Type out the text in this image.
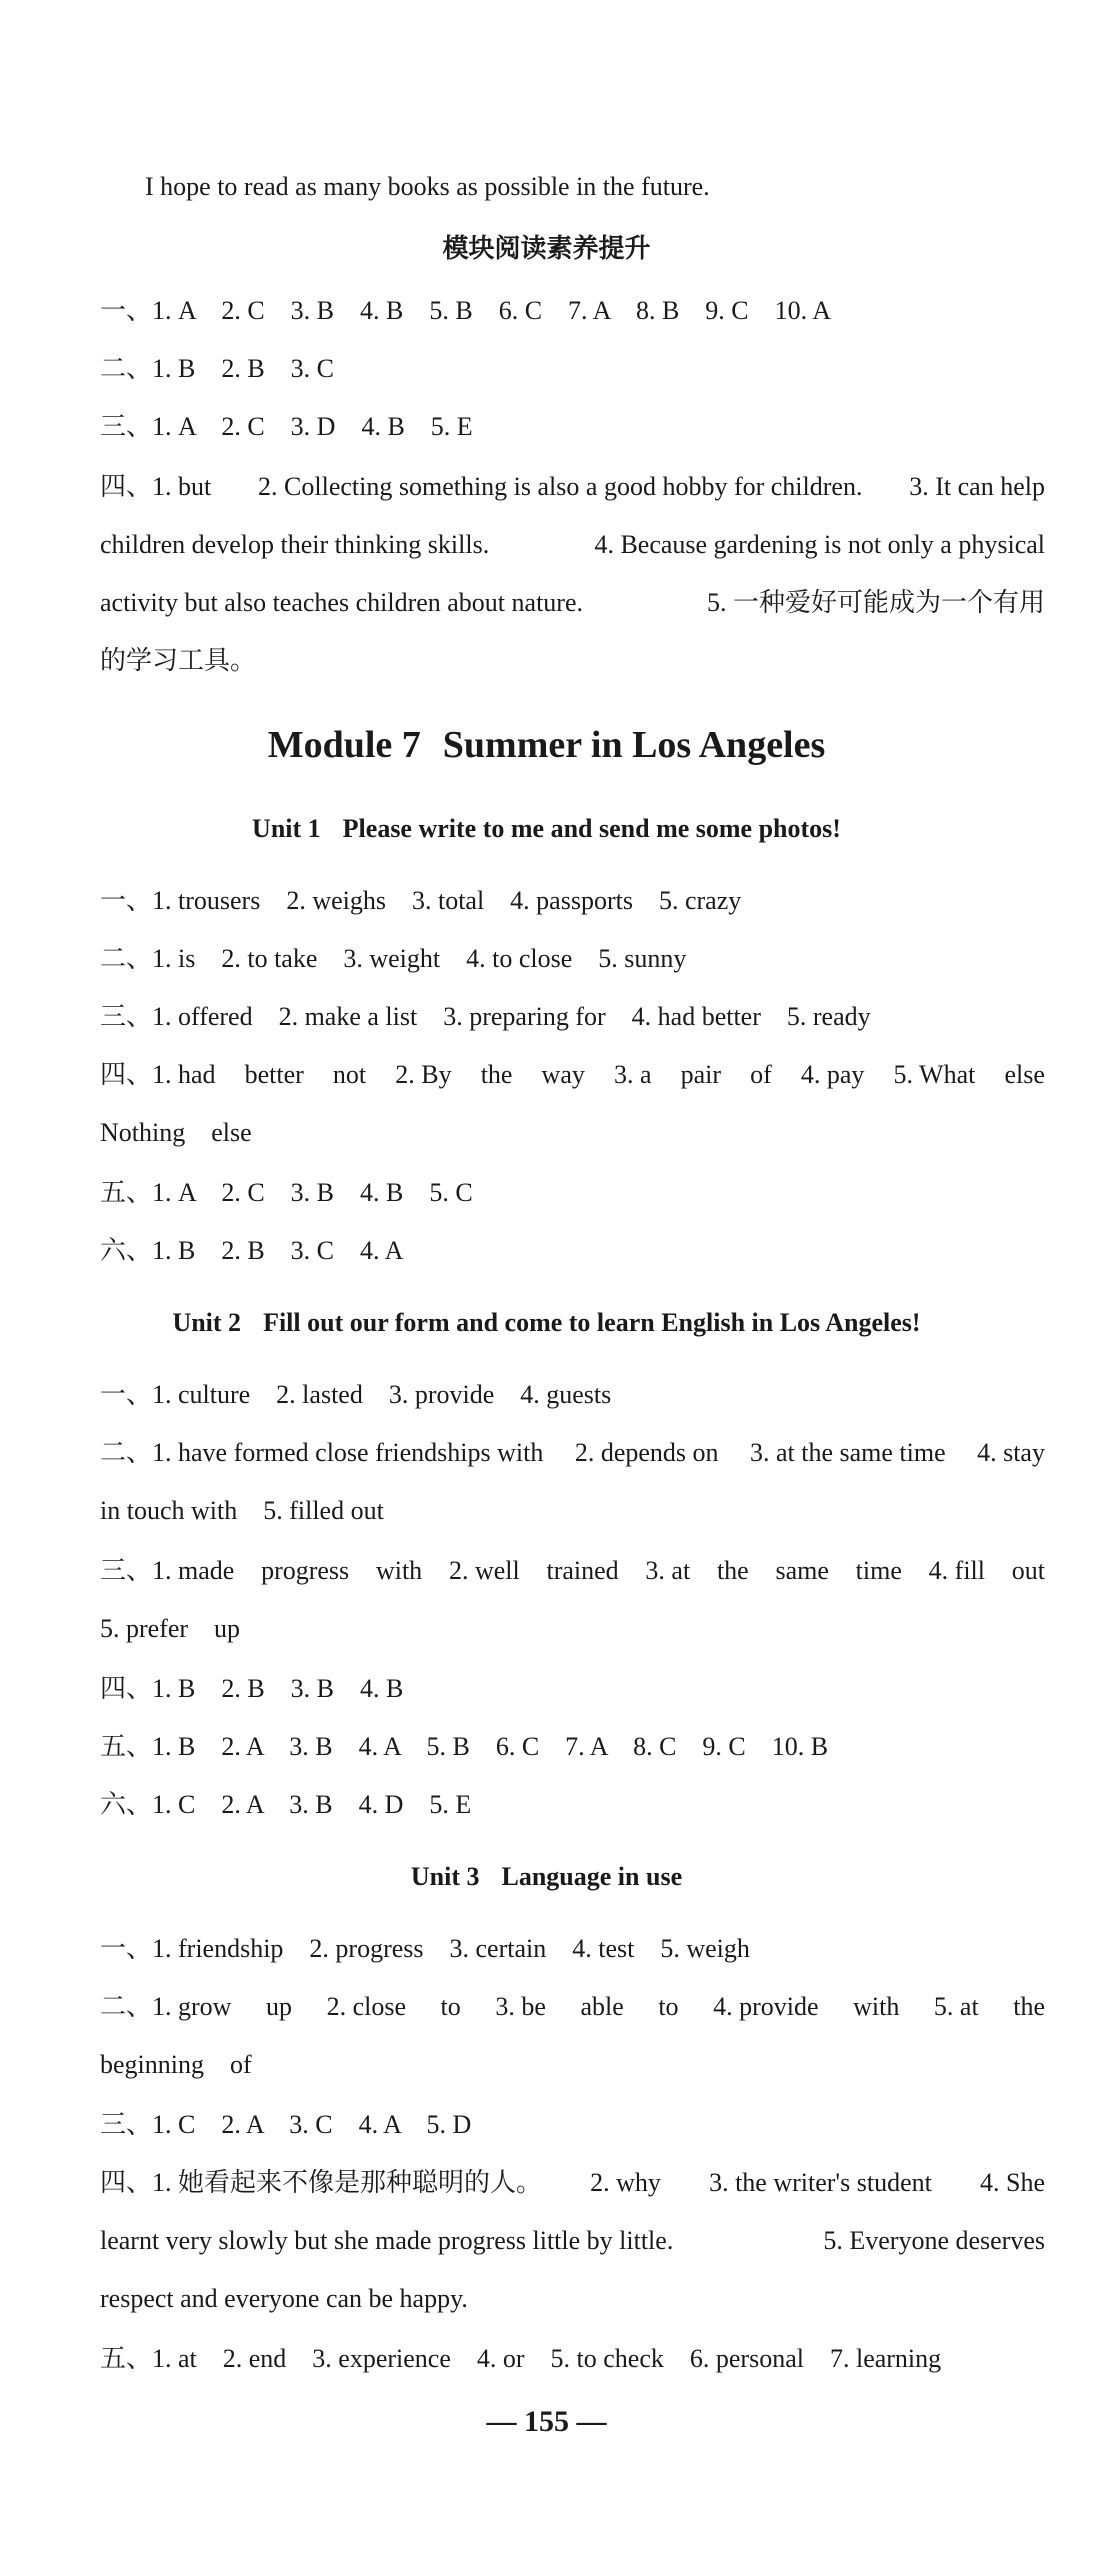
I hope to read as many books as possible in the future.
模块阅读素养提升
一、1. A　2. C　3. B　4. B　5. B　6. C　7. A　8. B　9. C　10. A
二、1. B　2. B　3. C
三、1. A　2. C　3. D　4. B　5. E
四、1. but 2. Collecting something is also a good hobby for children. 3. It can help
children develop their thinking skills.	4. Because gardening is not only a physical
activity but also teaches children about nature.	5. 一种爱好可能成为一个有用
的学习工具。
Module 7 Summer in Los Angeles
Unit 1 Please write to me and send me some photos!
一、1. trousers　2. weighs　3. total　4. passports　5. crazy
二、1. is　2. to take　3. weight　4. to close　5. sunny
三、1. offered　2. make a list　3. preparing for　4. had better　5. ready
四、1. had better not 2. By the way 3. a pair of 4. pay 5. What else
Nothing　else
五、1. A　2. C　3. B　4. B　5. C
六、1. B　2. B　3. C　4. A
Unit 2 Fill out our form and come to learn English in Los Angeles!
一、1. culture　2. lasted　3. provide　4. guests
二、1. have formed close friendships with 2. depends on 3. at the same time 4. stay
in touch with　5. filled out
三、1. made progress with 2. well trained 3. at the same time 4. fill out
5. prefer　up
四、1. B　2. B　3. B　4. B
五、1. B　2. A　3. B　4. A　5. B　6. C　7. A　8. C　9. C　10. B
六、1. C　2. A　3. B　4. D　5. E
Unit 3 Language in use
一、1. friendship　2. progress　3. certain　4. test　5. weigh
二、1. grow up 2. close to 3. be able to 4. provide with 5. at the
beginning　of
三、1. C　2. A　3. C　4. A　5. D
四、1. 她看起来不像是那种聪明的人。 2. why 3. the writer's student 4. She
learnt very slowly but she made progress little by little.	5. Everyone deserves
respect and everyone can be happy.
五、1. at　2. end　3. experience　4. or　5. to check　6. personal　7. learning
— 155 —
